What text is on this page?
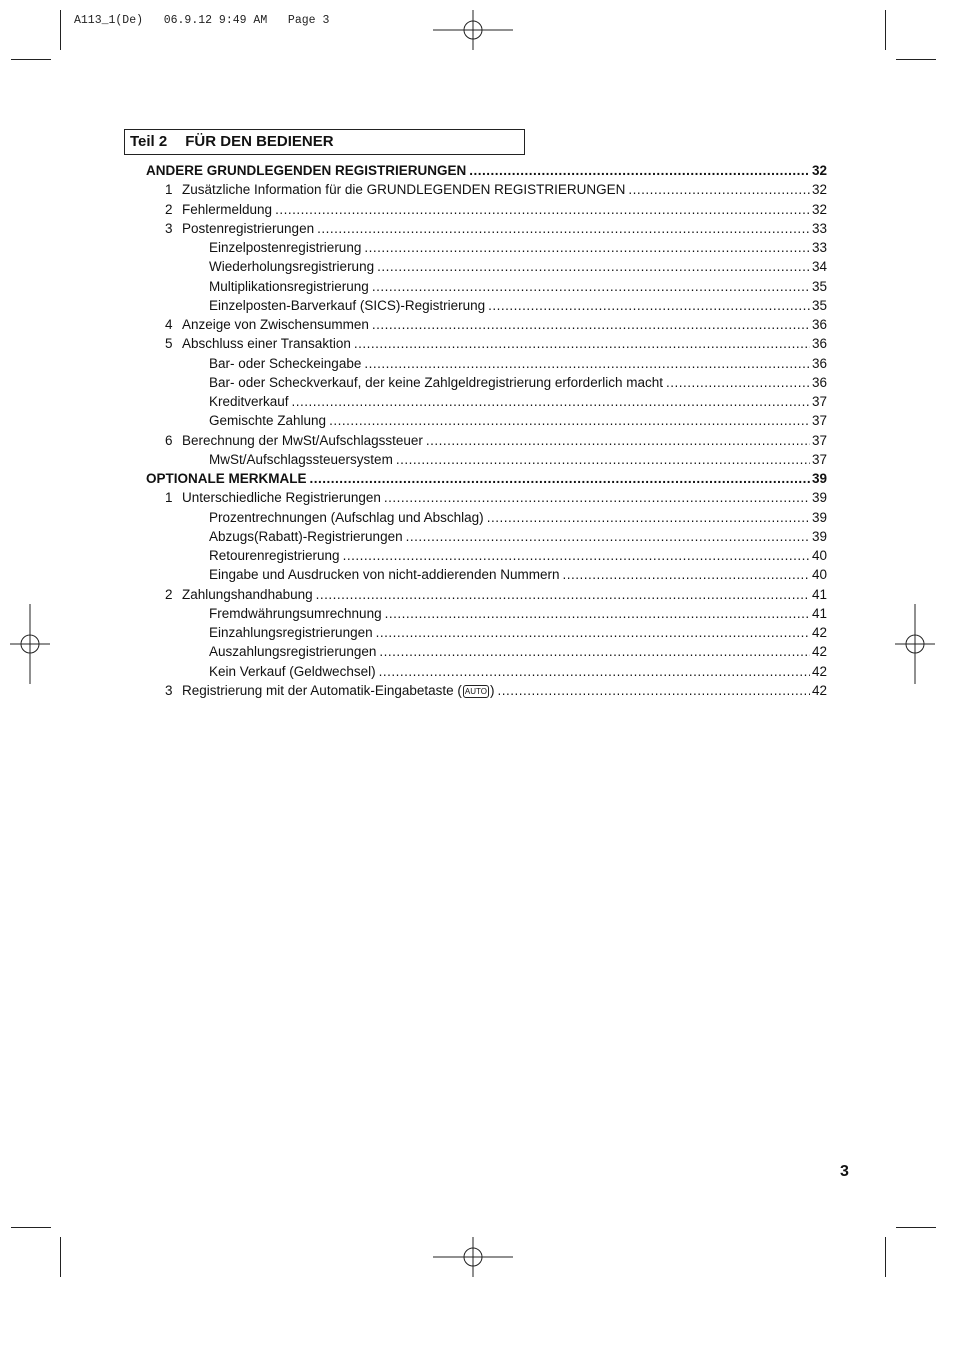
A113_1(De)   06.9.12 9:49 AM   Page 3
Teil 2 FÜR DEN BEDIENER
ANDERE GRUNDLEGENDEN REGISTRIERUNGEN .....	32
1 Zusätzliche Information für die GRUNDLEGENDEN REGISTRIERUNGEN .....	32
2 Fehlermeldung .....	32
3 Postenregistrierungen .....	33
Einzelpostenregistrierung .....	33
Wiederholungsregistrierung .....	34
Multiplikationsregistrierung .....	35
Einzelposten-Barverkauf (SICS)-Registrierung .....	35
4 Anzeige von Zwischensummen .....	36
5 Abschluss einer Transaktion .....	36
Bar- oder Scheckeingabe .....	36
Bar- oder Scheckverkauf, der keine Zahlgeldregistrierung erforderlich macht .....	36
Kreditverkauf .....	37
Gemischte Zahlung .....	37
6 Berechnung der MwSt/Aufschlagssteuer .....	37
MwSt/Aufschlagssteuersystem .....	37
OPTIONALE MERKMALE .....	39
1 Unterschiedliche Registrierungen .....	39
Prozentrechnungen (Aufschlag und Abschlag) .....	39
Abzugs(Rabatt)-Registrierungen .....	39
Retourenregistrierung .....	40
Eingabe und Ausdrucken von nicht-addierenden Nummern .....	40
2 Zahlungshandhabung .....	41
Fremdwährungsumrechnung .....	41
Einzahlungsregistrierungen .....	42
Auszahlungsregistrierungen .....	42
Kein Verkauf (Geldwechsel) .....	42
3 Registrierung mit der Automatik-Eingabetaste ( AUTO ) .....	42
3
